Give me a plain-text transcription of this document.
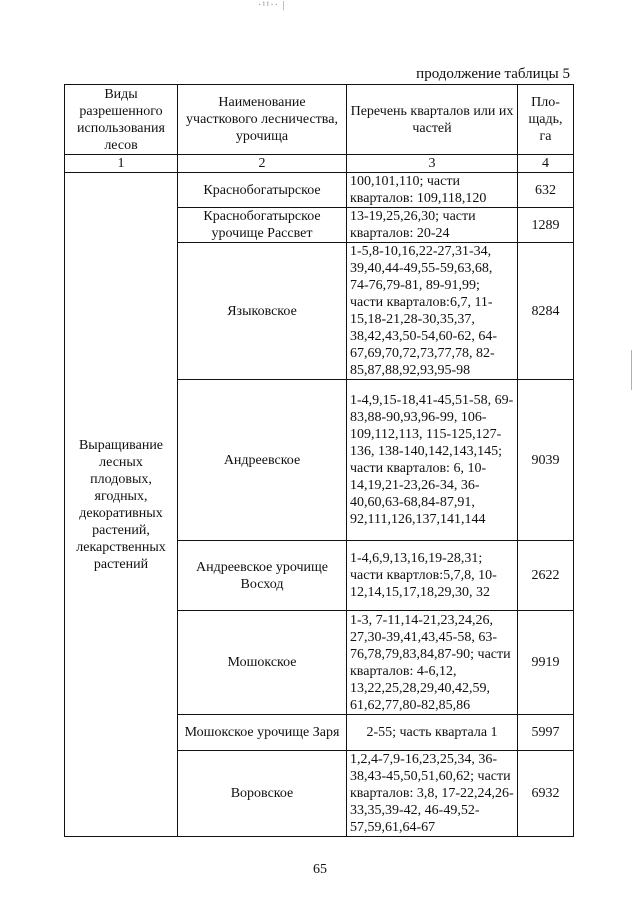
·¹¹·· |
продолжение таблицы 5
Виды разрешенного использования лесов	Наименование участкового лесничества, урочища	Перечень кварталов или их частей	Пло-щадь, га
1	2	3	4
Выращивание лесных плодовых, ягодных, декоративных растений, лекарственных растений	Краснобогатырское	100,101,110; части кварталов: 109,118,120	632
	Краснобогатырское урочище Рассвет	13-19,25,26,30; части кварталов: 20-24	1289
	Языковское	1-5,8-10,16,22-27,31-34, 39,40,44-49,55-59,63,68, 74-76,79-81, 89-91,99; части кварталов:6,7, 11-15,18-21,28-30,35,37, 38,42,43,50-54,60-62, 64-67,69,70,72,73,77,78, 82-85,87,88,92,93,95-98	8284
	Андреевское	1-4,9,15-18,41-45,51-58, 69-83,88-90,93,96-99, 106-109,112,113, 115-125,127-136, 138-140,142,143,145; части кварталов: 6, 10-14,19,21-23,26-34, 36-40,60,63-68,84-87,91, 92,111,126,137,141,144	9039
	Андреевское урочище Восход	1-4,6,9,13,16,19-28,31; части квартлов:5,7,8, 10-12,14,15,17,18,29,30, 32	2622
	Мошокское	1-3, 7-11,14-21,23,24,26, 27,30-39,41,43,45-58, 63-76,78,79,83,84,87-90; части кварталов: 4-6,12, 13,22,25,28,29,40,42,59, 61,62,77,80-82,85,86	9919
	Мошокское урочище Заря	2-55; часть квартала 1	5997
	Воровское	1,2,4-7,9-16,23,25,34, 36-38,43-45,50,51,60,62; части кварталов: 3,8, 17-22,24,26-33,35,39-42, 46-49,52-57,59,61,64-67	6932
65
